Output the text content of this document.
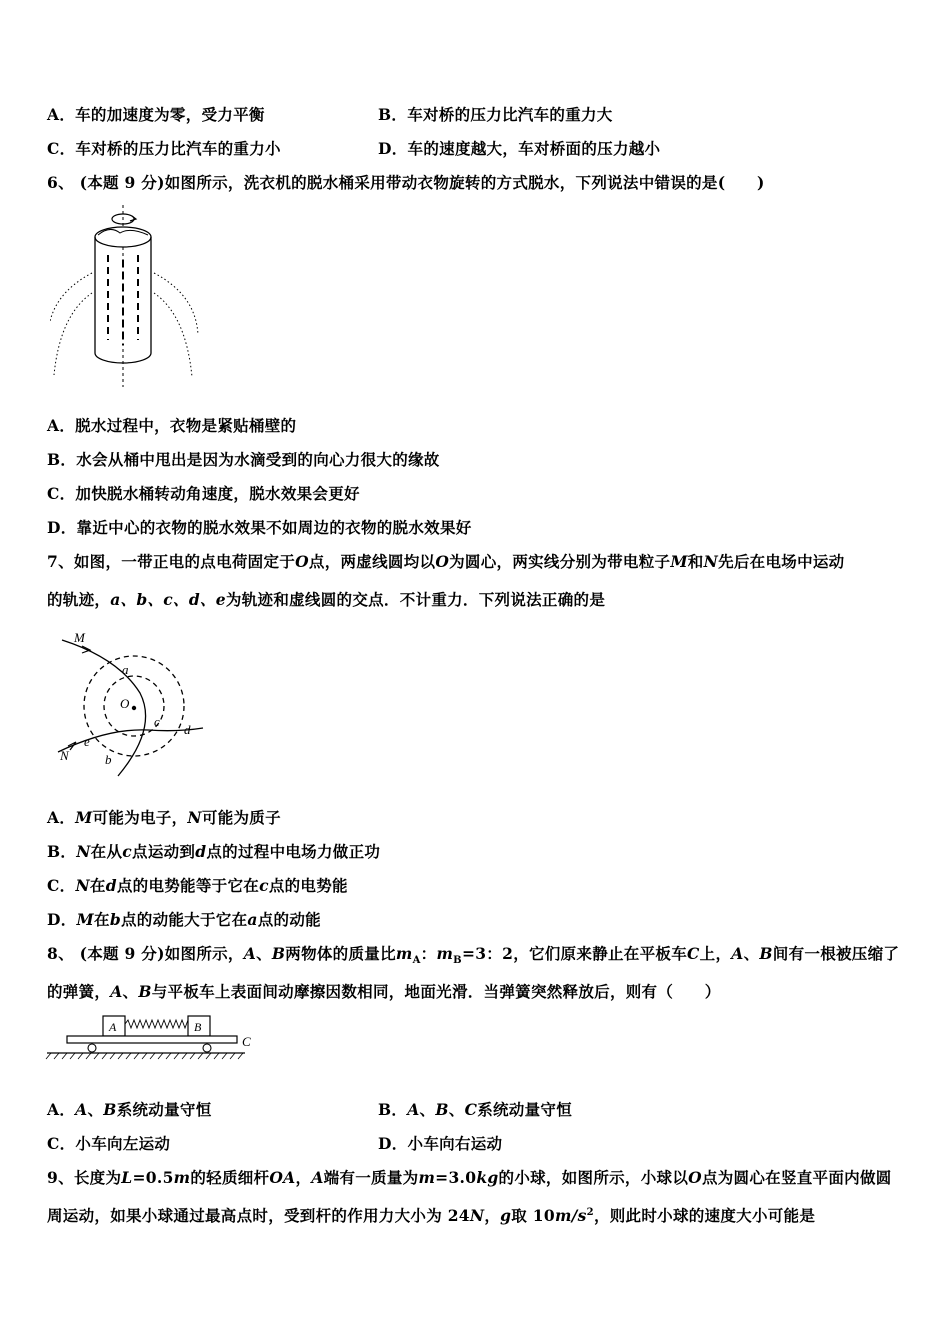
A．车的加速度为零，受力平衡	B．车对桥的压力比汽车的重力大
C．车对桥的压力比汽车的重力小	D．车的速度越大，车对桥面的压力越小
6、 (本题 9 分)如图所示，洗衣机的脱水桶采用带动衣物旋转的方式脱水，下列说法中错误的是(　　)
A．脱水过程中，衣物是紧贴桶壁的
B．水会从桶中甩出是因为水滴受到的向心力很大的缘故
C．加快脱水桶转动角速度，脱水效果会更好
D．靠近中心的衣物的脱水效果不如周边的衣物的脱水效果好
7、如图，一带正电的点电荷固定于O点，两虚线圆均以O为圆心，两实线分别为带电粒子M和N先后在电场中运动
的轨迹，a、b、c、d、e为轨迹和虚线圆的交点．不计重力．下列说法正确的是
O
M
N
a
b
c
d
e
A．M可能为电子，N可能为质子
B．N在从c点运动到d点的过程中电场力做正功
C．N在d点的电势能等于它在c点的电势能
D．M在b点的动能大于它在a点的动能
8、 (本题 9 分)如图所示，A、B两物体的质量比$m_A$：$m_B=3$：2，它们原来静止在平板车C上，A、B间有一根被压缩了
的弹簧，A、B与平板车上表面间动摩擦因数相同，地面光滑．当弹簧突然释放后，则有（　　）
A	B
C
A．A、B系统动量守恒	B．A、B、C系统动量守恒
C．小车向左运动	D．小车向右运动
9、长度为L=0.5m的轻质细杆OA，A端有一质量为m=3.0kg的小球，如图所示，小球以O点为圆心在竖直平面内做圆
周运动，如果小球通过最高点时，受到杆的作用力大小为 24N，g取 $10m/s^2$，则此时小球的速度大小可能是
